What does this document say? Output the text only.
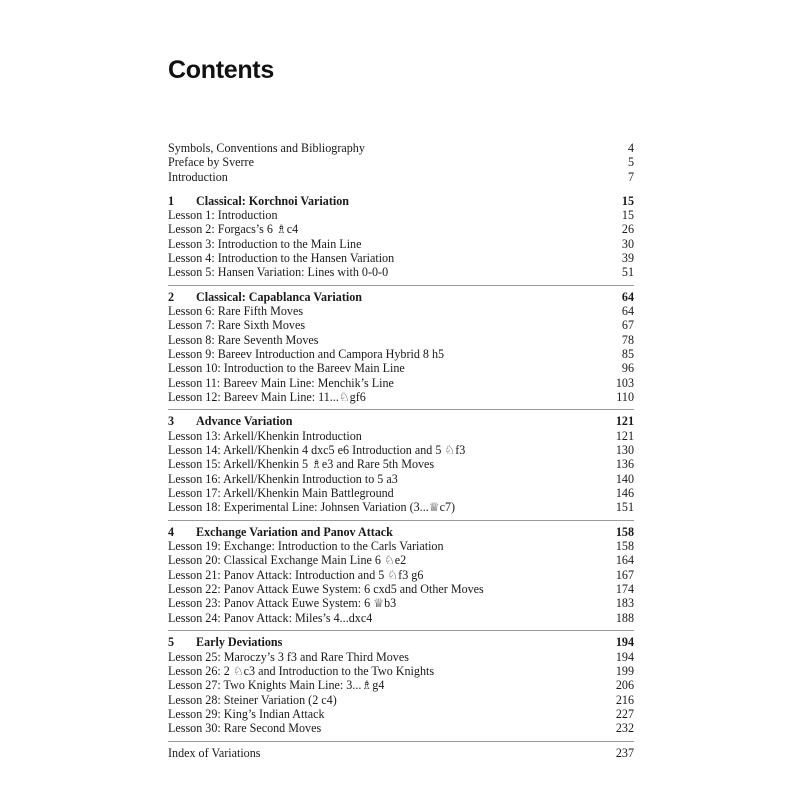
Contents
Symbols, Conventions and Bibliography	4
Preface by Sverre	5
Introduction	7
1 Classical: Korchnoi Variation	15
Lesson 1: Introduction	15
Lesson 2: Forgacs’s 6 ♗c4	26
Lesson 3: Introduction to the Main Line	30
Lesson 4: Introduction to the Hansen Variation	39
Lesson 5: Hansen Variation: Lines with 0-0-0	51
2 Classical: Capablanca Variation	64
Lesson 6: Rare Fifth Moves	64
Lesson 7: Rare Sixth Moves	67
Lesson 8: Rare Seventh Moves	78
Lesson 9: Bareev Introduction and Campora Hybrid 8 h5	85
Lesson 10: Introduction to the Bareev Main Line	96
Lesson 11: Bareev Main Line: Menchik’s Line	103
Lesson 12: Bareev Main Line: 11...♘gf6	110
3 Advance Variation	121
Lesson 13: Arkell/Khenkin Introduction	121
Lesson 14: Arkell/Khenkin 4 dxc5 e6 Introduction and 5 ♘f3	130
Lesson 15: Arkell/Khenkin 5 ♗e3 and Rare 5th Moves	136
Lesson 16: Arkell/Khenkin Introduction to 5 a3	140
Lesson 17: Arkell/Khenkin Main Battleground	146
Lesson 18: Experimental Line: Johnsen Variation (3...♕c7)	151
4 Exchange Variation and Panov Attack	158
Lesson 19: Exchange: Introduction to the Carls Variation	158
Lesson 20: Classical Exchange Main Line 6 ♘e2	164
Lesson 21: Panov Attack: Introduction and 5 ♘f3 g6	167
Lesson 22: Panov Attack Euwe System: 6 cxd5 and Other Moves	174
Lesson 23: Panov Attack Euwe System: 6 ♕b3	183
Lesson 24: Panov Attack: Miles’s 4...dxc4	188
5 Early Deviations	194
Lesson 25: Maroczy’s 3 f3 and Rare Third Moves	194
Lesson 26: 2 ♘c3 and Introduction to the Two Knights	199
Lesson 27: Two Knights Main Line: 3...♗g4	206
Lesson 28: Steiner Variation (2 c4)	216
Lesson 29: King’s Indian Attack	227
Lesson 30: Rare Second Moves	232
Index of Variations	237
